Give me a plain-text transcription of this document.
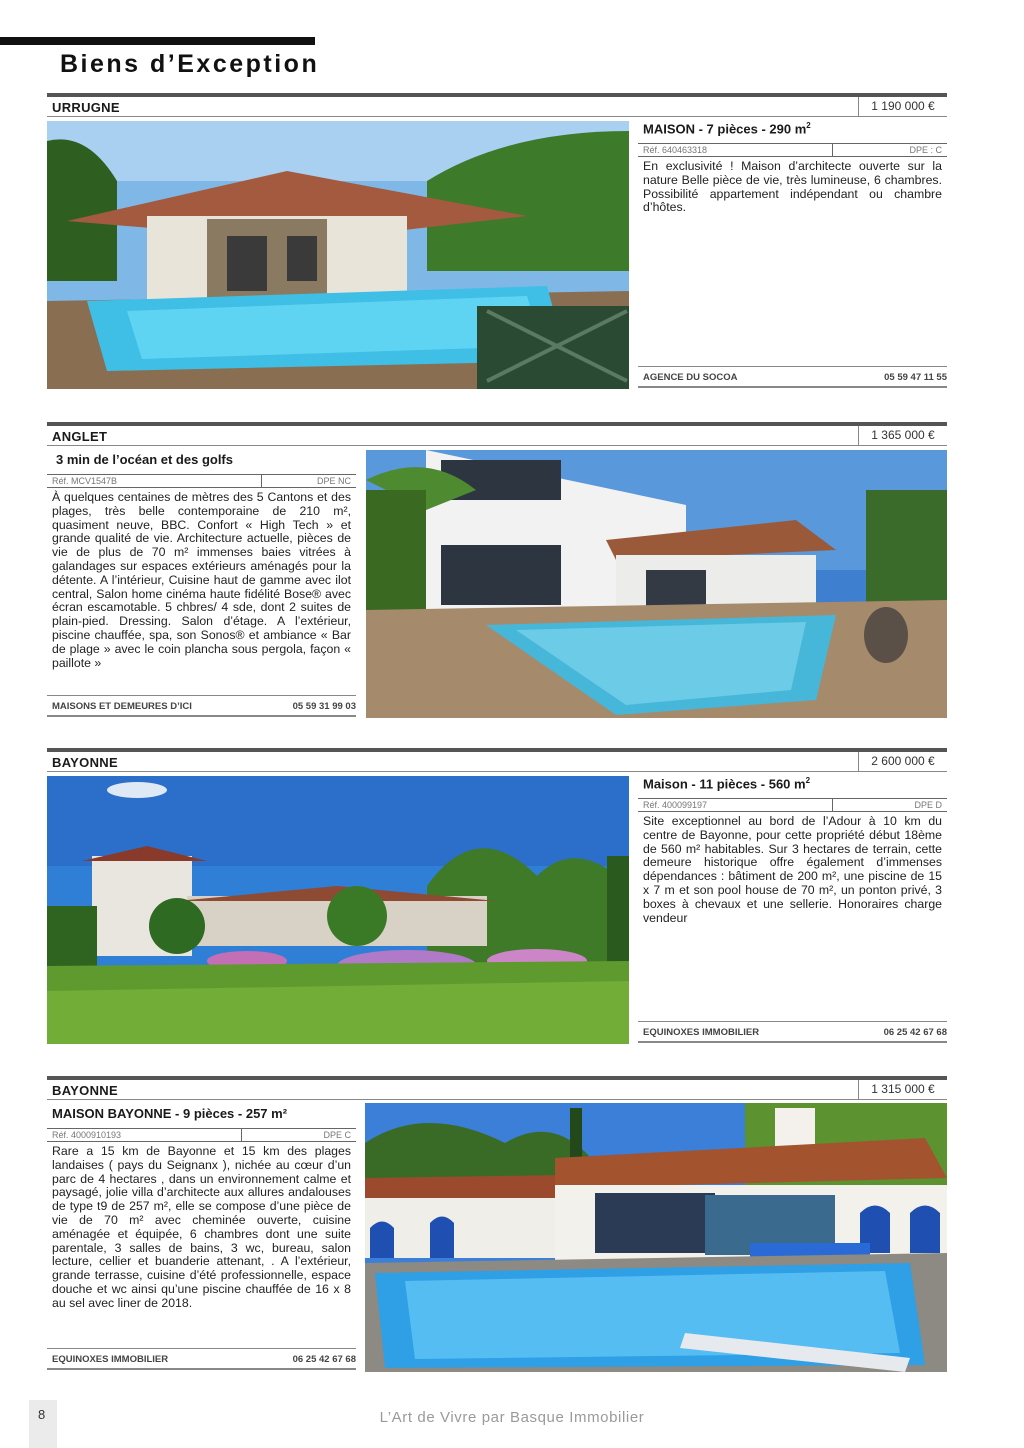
Biens d’Exception
URRUGNE	1 190 000 €
MAISON - 7 pièces - 290 $m^2$
Réf. 640463318	DPE : C
En exclusivité ! Maison d’architecte ouverte sur la nature Belle pièce de vie, très lumineuse, 6 chambres. Possibilité appartement indépendant ou chambre d’hôtes.
AGENCE DU SOCOA	05 59 47 11 55
ANGLET	1 365 000 €
3 min de l’océan et des golfs
Réf. MCV1547B	DPE NC
À quelques centaines de mètres des 5 Cantons et des plages, très belle contemporaine de 210 m², quasiment neuve, BBC. Confort « High Tech » et grande qualité de vie. Architecture actuelle, pièces de vie de plus de 70 m² immenses baies vitrées à galandages sur espaces extérieurs aménagés pour la détente. A l’intérieur, Cuisine haut de gamme avec ilot central, Salon home cinéma haute fidélité Bose® avec écran escamotable. 5 chbres/ 4 sde, dont 2 suites de plain-pied. Dressing. Salon d’étage. A l’extérieur, piscine chauffée, spa, son Sonos® et ambiance « Bar de plage » avec le coin plancha sous pergola, façon « paillote »
MAISONS ET DEMEURES D’ICI	05 59 31 99 03
BAYONNE	2 600 000 €
Maison - 11 pièces - 560 $m^2$
Réf. 400099197	DPE D
Site exceptionnel au bord de l’Adour à 10 km du centre de Bayonne, pour cette propriété début 18ème de 560 m² habitables. Sur 3 hectares de terrain, cette demeure historique offre également d’immenses dépendances : bâtiment de 200 m², une piscine de 15 x 7 m et son pool house de 70 m², un ponton privé, 3 boxes à chevaux et une sellerie. Honoraires charge vendeur
EQUINOXES IMMOBILIER	06 25 42 67 68
BAYONNE	1 315 000 €
MAISON BAYONNE - 9 pièces - 257 m²
Réf. 4000910193	DPE C
Rare a 15 km de Bayonne et 15 km des plages landaises ( pays du Seignanx ), nichée au cœur d’un parc de 4 hectares , dans un environnement calme et paysagé, jolie villa d’architecte aux allures andalouses de type t9 de 257 m², elle se compose d’une pièce de vie de 70 m² avec cheminée ouverte, cuisine aménagée et équipée, 6 chambres dont une suite parentale, 3 salles de bains, 3 wc, bureau, salon lecture, cellier et buanderie attenant, . A l’extérieur, grande terrasse, cuisine d’été professionnelle, espace douche et wc ainsi qu’une piscine chauffée de 16 x 8 au sel avec liner de 2018.
EQUINOXES IMMOBILIER	06 25 42 67 68
8	L’Art de Vivre par Basque Immobilier
